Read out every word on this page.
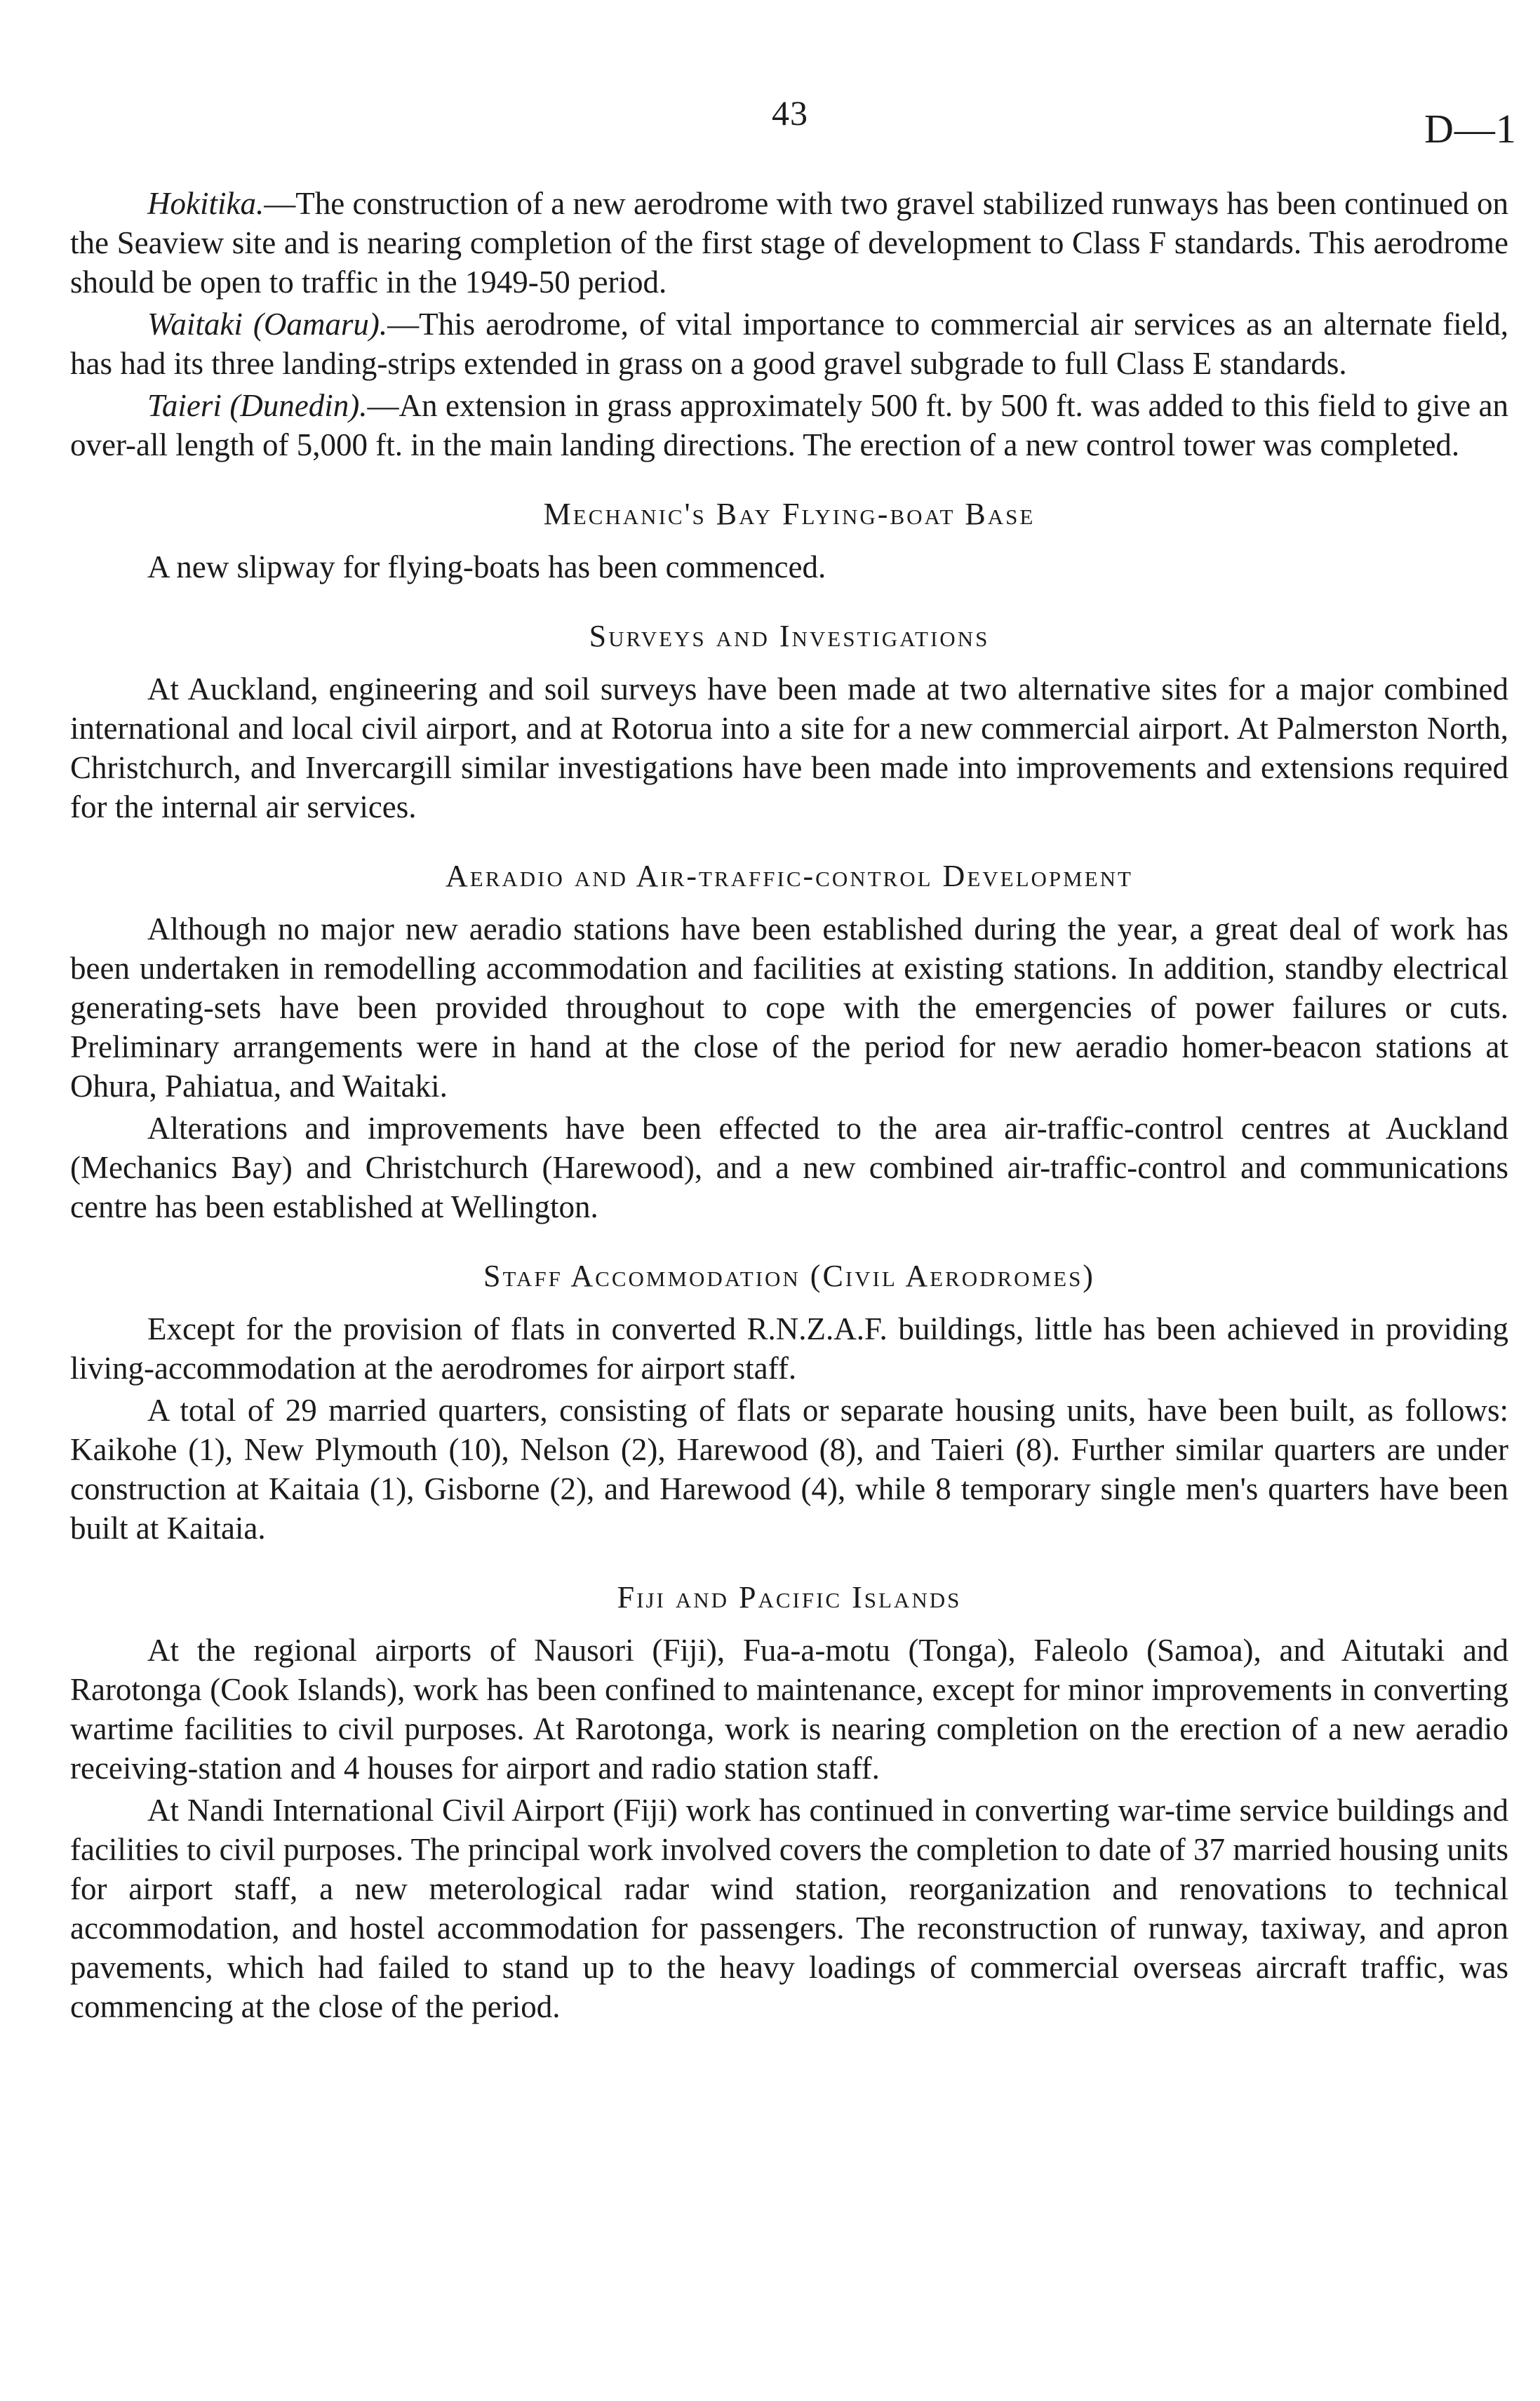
43	D—1

Hokitika.—The construction of a new aerodrome with two gravel stabilized runways has been continued on the Seaview site and is nearing completion of the first stage of development to Class F standards. This aerodrome should be open to traffic in the 1949-50 period.

Waitaki (Oamaru).—This aerodrome, of vital importance to commercial air services as an alternate field, has had its three landing-strips extended in grass on a good gravel subgrade to full Class E standards.

Taieri (Dunedin).—An extension in grass approximately 500 ft. by 500 ft. was added to this field to give an over-all length of 5,000 ft. in the main landing directions. The erection of a new control tower was completed.

Mechanic's Bay Flying-boat Base

A new slipway for flying-boats has been commenced.

Surveys and Investigations

At Auckland, engineering and soil surveys have been made at two alternative sites for a major combined international and local civil airport, and at Rotorua into a site for a new commercial airport. At Palmerston North, Christchurch, and Invercargill similar investigations have been made into improvements and extensions required for the internal air services.

Aeradio and Air-traffic-control Development

Although no major new aeradio stations have been established during the year, a great deal of work has been undertaken in remodelling accommodation and facilities at existing stations. In addition, standby electrical generating-sets have been provided throughout to cope with the emergencies of power failures or cuts. Preliminary arrangements were in hand at the close of the period for new aeradio homer-beacon stations at Ohura, Pahiatua, and Waitaki.

Alterations and improvements have been effected to the area air-traffic-control centres at Auckland (Mechanics Bay) and Christchurch (Harewood), and a new combined air-traffic-control and communications centre has been established at Wellington.

Staff Accommodation (Civil Aerodromes)

Except for the provision of flats in converted R.N.Z.A.F. buildings, little has been achieved in providing living-accommodation at the aerodromes for airport staff.

A total of 29 married quarters, consisting of flats or separate housing units, have been built, as follows: Kaikohe (1), New Plymouth (10), Nelson (2), Harewood (8), and Taieri (8). Further similar quarters are under construction at Kaitaia (1), Gisborne (2), and Harewood (4), while 8 temporary single men's quarters have been built at Kaitaia.

Fiji and Pacific Islands

At the regional airports of Nausori (Fiji), Fua-a-motu (Tonga), Faleolo (Samoa), and Aitutaki and Rarotonga (Cook Islands), work has been confined to maintenance, except for minor improvements in converting wartime facilities to civil purposes. At Rarotonga, work is nearing completion on the erection of a new aeradio receiving-station and 4 houses for airport and radio station staff.

At Nandi International Civil Airport (Fiji) work has continued in converting war-time service buildings and facilities to civil purposes. The principal work involved covers the completion to date of 37 married housing units for airport staff, a new meterological radar wind station, reorganization and renovations to technical accommodation, and hostel accommodation for passengers. The reconstruction of runway, taxiway, and apron pavements, which had failed to stand up to the heavy loadings of commercial overseas aircraft traffic, was commencing at the close of the period.
